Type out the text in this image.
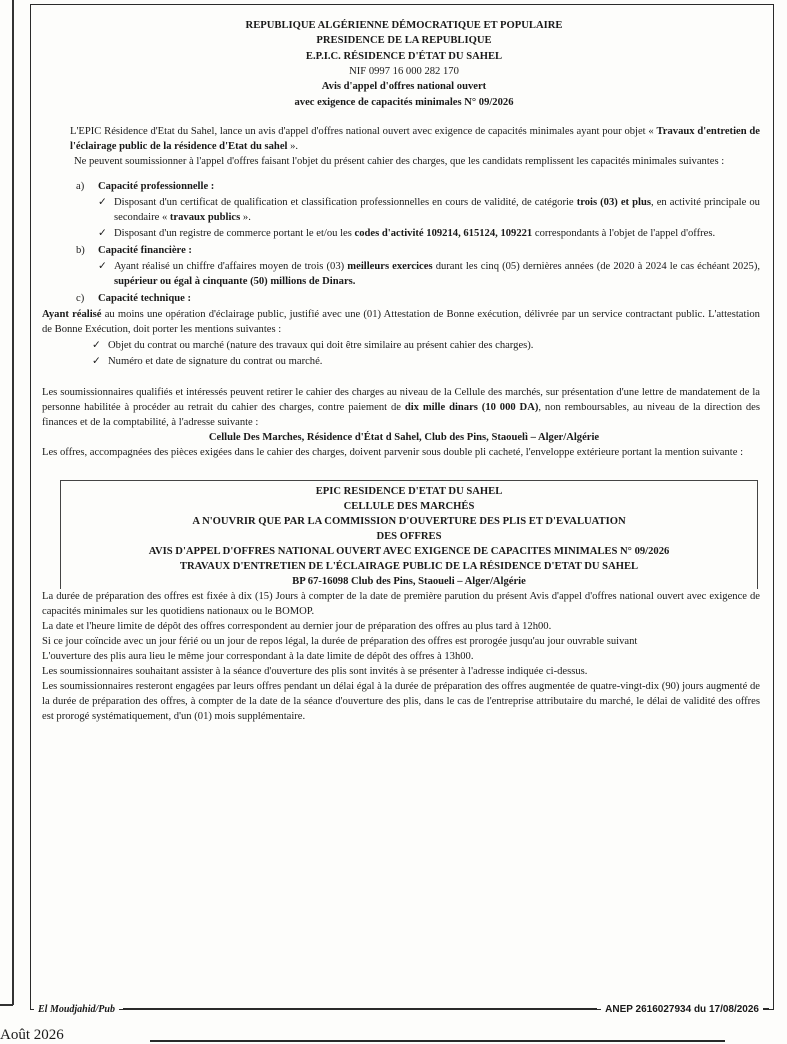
REPUBLIQUE ALGÉRIENNE DÉMOCRATIQUE ET POPULAIRE
PRESIDENCE DE LA REPUBLIQUE
E.P.I.C. RÉSIDENCE D'ÉTAT DU SAHEL
NIF 0997 16 000 282 170
Avis d'appel d'offres national ouvert
avec exigence de capacités minimales N° 09/2026

L'EPIC Résidence d'Etat du Sahel, lance un avis d'appel d'offres national ouvert avec exigence de capacités minimales ayant pour objet « Travaux d'entretien de l'éclairage public de la résidence d'Etat du sahel ».

Ne peuvent soumissionner à l'appel d'offres faisant l'objet du présent cahier des charges, que les candidats remplissent les capacités minimales suivantes :

a)	Capacité professionnelle :
✓ Disposant d'un certificat de qualification et classification professionnelles en cours de validité, de catégorie trois (03) et plus, en activité principale ou secondaire « travaux publics ».
✓ Disposant d'un registre de commerce portant le et/ou les codes d'activité 109214, 615124, 109221 correspondants à l'objet de l'appel d'offres.
b)	Capacité financière :
✓ Ayant réalisé un chiffre d'affaires moyen de trois (03) meilleurs exercices durant les cinq (05) dernières années (de 2020 à 2024 le cas échéant 2025), supérieur ou égal à cinquante (50) millions de Dinars.
c)	Capacité technique :

Ayant réalisé au moins une opération d'éclairage public, justifié avec une (01) Attestation de Bonne exécution, délivrée par un service contractant public. L'attestation de Bonne Exécution, doit porter les mentions suivantes :

✓ Objet du contrat ou marché (nature des travaux qui doit être similaire au présent cahier des charges).
✓ Numéro et date de signature du contrat ou marché.

Les soumissionnaires qualifiés et intéressés peuvent retirer le cahier des charges au niveau de la Cellule des marchés, sur présentation d'une lettre de mandatement de la personne habilitée à procéder au retrait du cahier des charges, contre paiement de dix mille dinars (10 000 DA), non remboursables, au niveau de la direction des finances et de la comptabilité, à l'adresse suivante :

Cellule Des Marches, Résidence d'État d Sahel, Club des Pins, Staouelì – Alger/Algérie

Les offres, accompagnées des pièces exigées dans le cahier des charges, doivent parvenir sous double pli cacheté, l'enveloppe extérieure portant la mention suivante :

EPIC RESIDENCE D'ETAT DU SAHEL
CELLULE DES MARCHÉS
A N'OUVRIR QUE PAR LA COMMISSION D'OUVERTURE DES PLIS ET D'EVALUATION
DES OFFRES
AVIS D'APPEL D'OFFRES NATIONAL OUVERT AVEC EXIGENCE DE CAPACITES MINIMALES N° 09/2026
TRAVAUX D'ENTRETIEN DE L'ÉCLAIRAGE PUBLIC DE LA RÉSIDENCE D'ETAT DU SAHEL
BP 67-16098 Club des Pins, Staoueli – Alger/Algérie

La durée de préparation des offres est fixée à dix (15) Jours à compter de la date de première parution du présent Avis d'appel d'offres national ouvert avec exigence de capacités minimales sur les quotidiens nationaux ou le BOMOP.

La date et l'heure limite de dépôt des offres correspondent au dernier jour de préparation des offres au plus tard à 12h00.

Si ce jour coïncide avec un jour férié ou un jour de repos légal, la durée de préparation des offres est prorogée jusqu'au jour ouvrable suivant

L'ouverture des plis aura lieu le même jour correspondant à la date limite de dépôt des offres à 13h00.

Les soumissionnaires souhaitant assister à la séance d'ouverture des plis sont invités à se présenter à l'adresse indiquée ci-dessus.

Les soumissionnaires resteront engagées par leurs offres pendant un délai égal à la durée de préparation des offres augmentée de quatre-vingt-dix (90) jours augmenté de la durée de préparation des offres, à compter de la date de la séance d'ouverture des plis, dans le cas de l'entreprise attributaire du marché, le délai de validité des offres est prorogé systématiquement, d'un (01) mois supplémentaire.

El Moudjahid/Pub	ANEP 2616027934 du 17/08/2026
Août 2026
